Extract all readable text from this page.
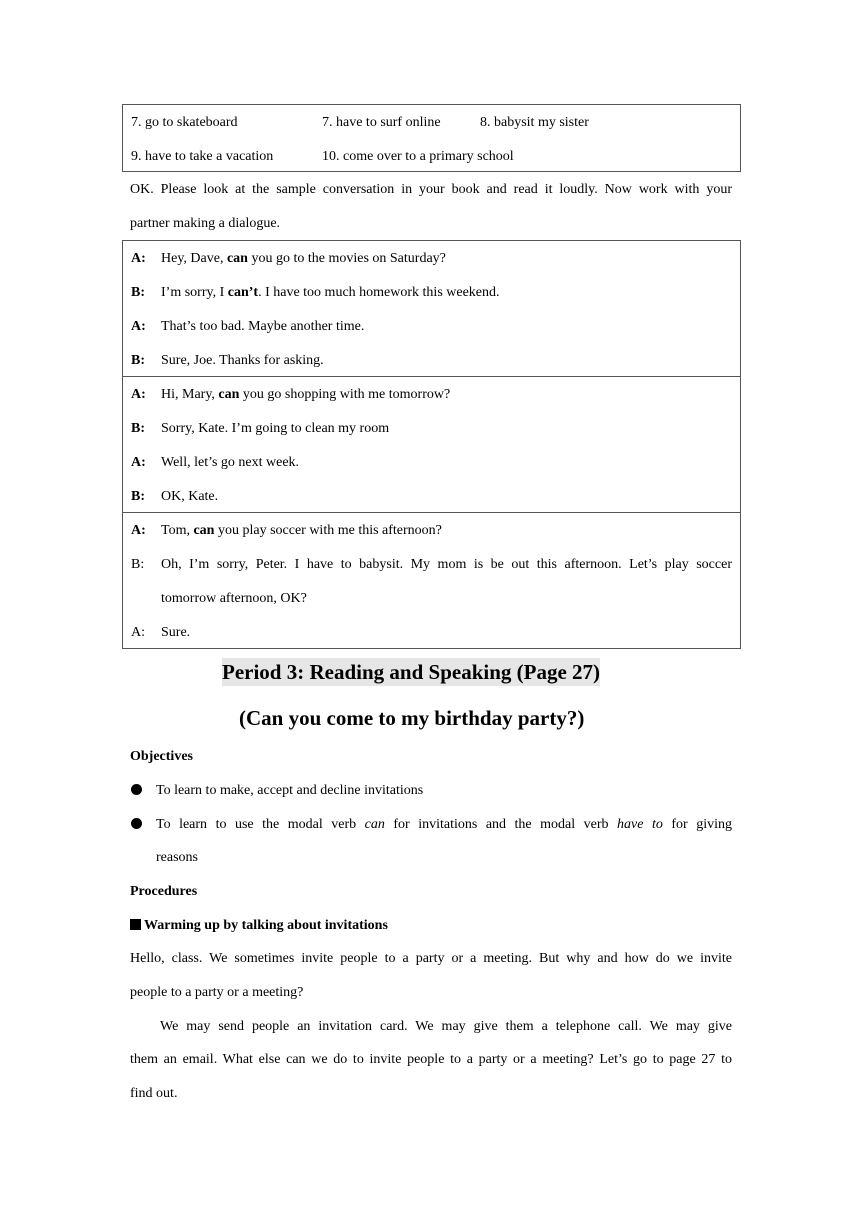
7. go to skateboard	7. have to surf online	8. babysit my sister
9. have to take a vacation	10. come over to a primary school
OK. Please look at the sample conversation in your book and read it loudly. Now work with your
partner making a dialogue.
A: Hey, Dave, can you go to the movies on Saturday?
B: I’m sorry, I can’t. I have too much homework this weekend.
A: That’s too bad. Maybe another time.
B: Sure, Joe. Thanks for asking.
A: Hi, Mary, can you go shopping with me tomorrow?
B: Sorry, Kate. I’m going to clean my room
A: Well, let’s go next week.
B: OK, Kate.
A: Tom, can you play soccer with me this afternoon?
B:	Oh, I’m sorry, Peter. I have to babysit. My mom is be out this afternoon. Let’s play soccer
tomorrow afternoon, OK?
A: Sure.
Period 3: Reading and Speaking (Page 27)
(Can you come to my birthday party?)
Objectives
To learn to make, accept and decline invitations
To learn to use the modal verb can for invitations and the modal verb have to for giving
reasons
Procedures
Warming up by talking about invitations
Hello, class. We sometimes invite people to a party or a meeting. But why and how do we invite
people to a party or a meeting?
We may send people an invitation card. We may give them a telephone call. We may give
them an email. What else can we do to invite people to a party or a meeting? Let’s go to page 27 to
find out.
